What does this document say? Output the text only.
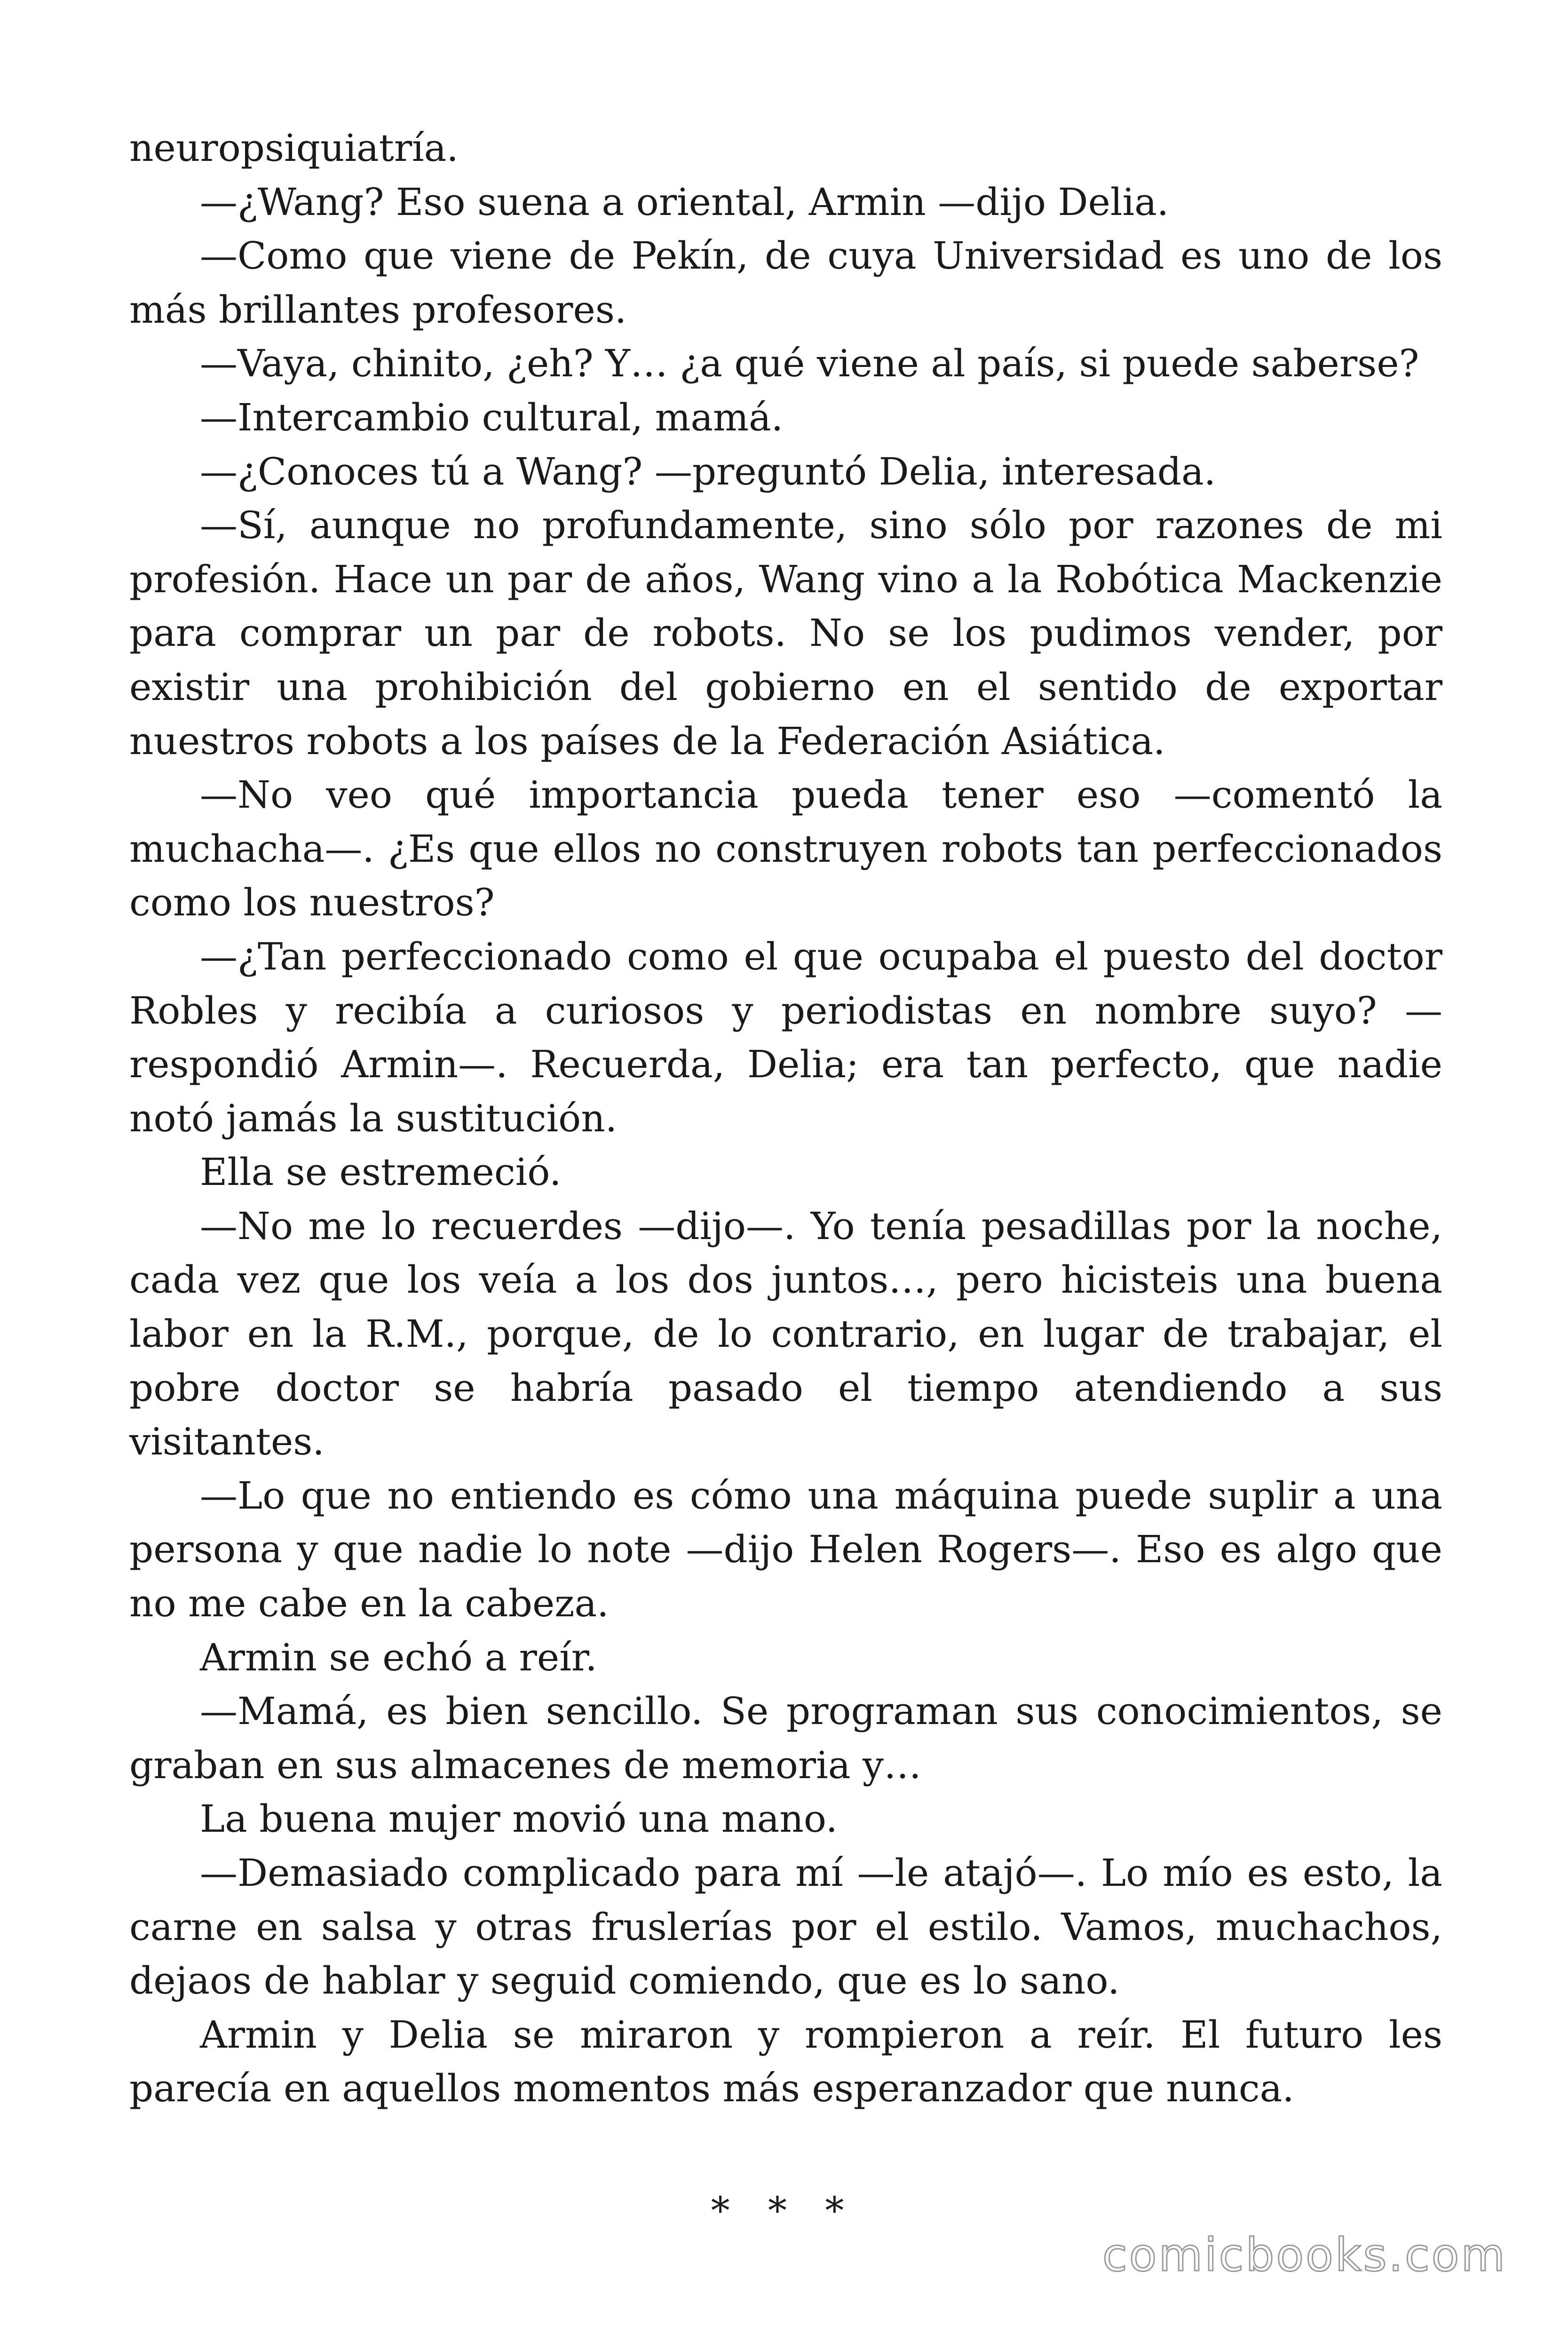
neuropsiquiatría.

—¿Wang? Eso suena a oriental, Armin —dijo Delia.

—Como que viene de Pekín, de cuya Universidad es uno de los más brillantes profesores.

—Vaya, chinito, ¿eh? Y… ¿a qué viene al país, si puede saberse?

—Intercambio cultural, mamá.

—¿Conoces tú a Wang? —preguntó Delia, interesada.

—Sí, aunque no profundamente, sino sólo por razones de mi profesión. Hace un par de años, Wang vino a la Robótica Mackenzie para comprar un par de robots. No se los pudimos vender, por existir una prohibición del gobierno en el sentido de exportar nuestros robots a los países de la Federación Asiática.

—No veo qué importancia pueda tener eso —comentó la muchacha—. ¿Es que ellos no construyen robots tan perfeccionados como los nuestros?

—¿Tan perfeccionado como el que ocupaba el puesto del doctor Robles y recibía a curiosos y periodistas en nombre suyo? — respondió Armin—. Recuerda, Delia; era tan perfecto, que nadie notó jamás la sustitución.

Ella se estremeció.

—No me lo recuerdes —dijo—. Yo tenía pesadillas por la noche, cada vez que los veía a los dos juntos…, pero hicisteis una buena labor en la R.M., porque, de lo contrario, en lugar de trabajar, el pobre doctor se habría pasado el tiempo atendiendo a sus visitantes.

—Lo que no entiendo es cómo una máquina puede suplir a una persona y que nadie lo note —dijo Helen Rogers—. Eso es algo que no me cabe en la cabeza.

Armin se echó a reír.

—Mamá, es bien sencillo. Se programan sus conocimientos, se graban en sus almacenes de memoria y…

La buena mujer movió una mano.

—Demasiado complicado para mí —le atajó—. Lo mío es esto, la carne en salsa y otras fruslerías por el estilo. Vamos, muchachos, dejaos de hablar y seguid comiendo, que es lo sano.

Armin y Delia se miraron y rompieron a reír. El futuro les parecía en aquellos momentos más esperanzador que nunca.

* * *
comicbooks.com
